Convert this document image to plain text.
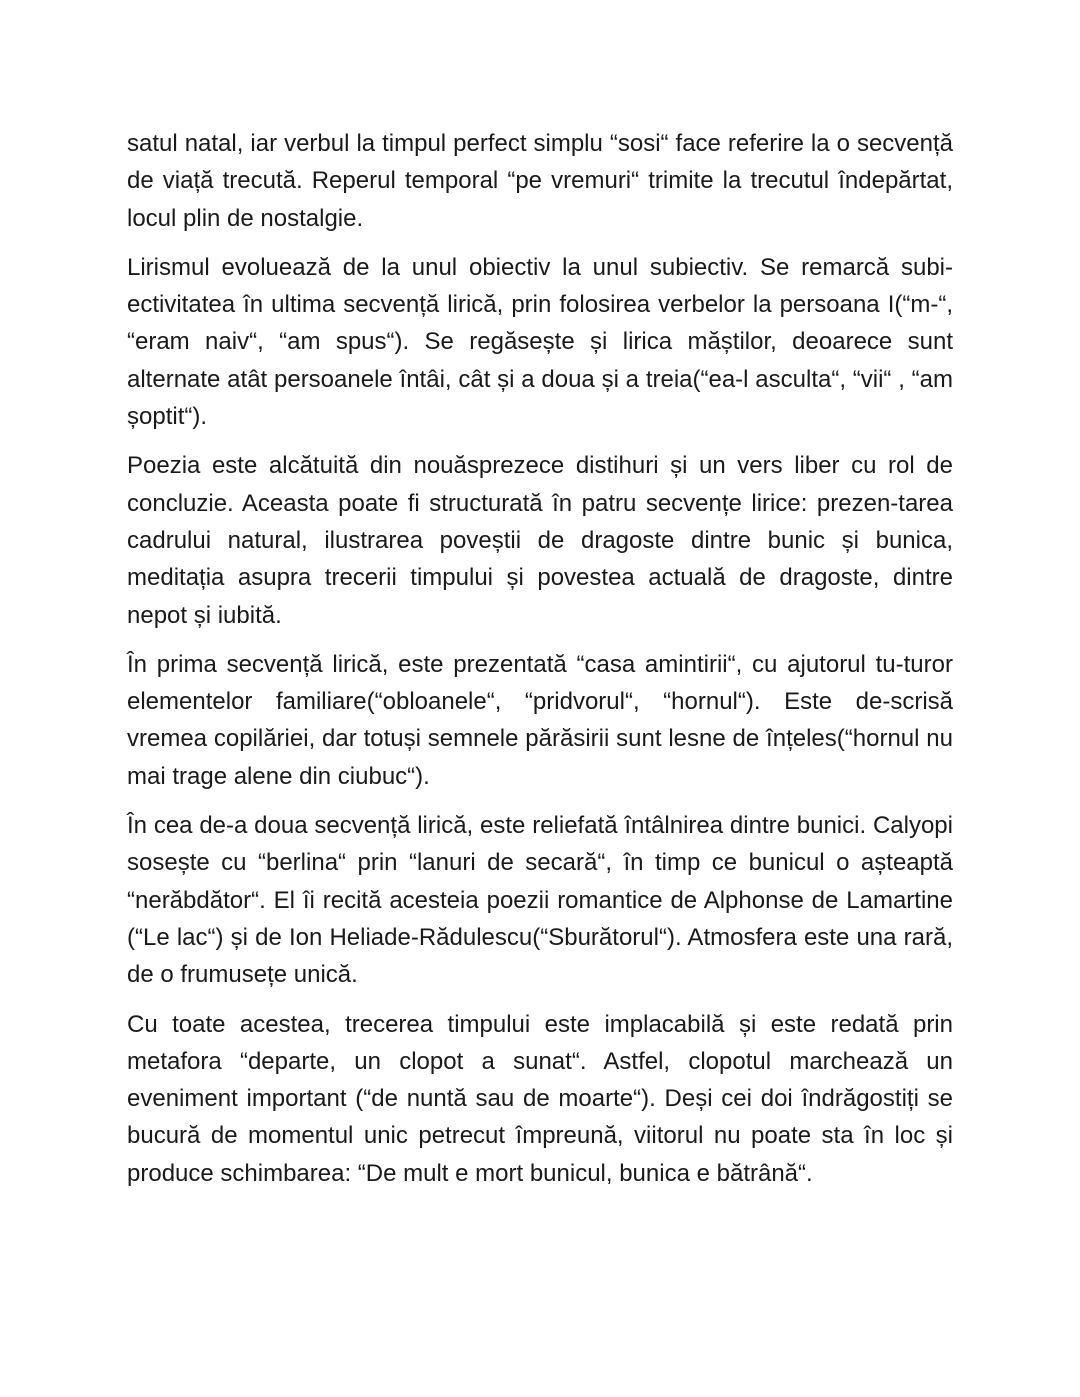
satul natal, iar verbul la timpul perfect simplu “sosi“ face referire la o secvență de viață trecută. Reperul temporal “pe vremuri“ trimite la trecutul îndepărtat, locul plin de nostalgie.

Lirismul evoluează de la unul obiectiv la unul subiectiv. Se remarcă subi-ectivitatea în ultima secvență lirică, prin folosirea verbelor la persoana I(“m-“, “eram naiv“, “am spus“). Se regăsește și lirica măștilor, deoarece sunt alternate atât persoanele întâi, cât și a doua și a treia(“ea-l asculta“, “vii“ , “am șoptit“).

Poezia este alcătuită din nouăsprezece distihuri și un vers liber cu rol de concluzie. Aceasta poate fi structurată în patru secvențe lirice: prezen-tarea cadrului natural, ilustrarea poveștii de dragoste dintre bunic și bunica, meditația asupra trecerii timpului și povestea actuală de dragoste, dintre nepot și iubită.

În prima secvență lirică, este prezentată “casa amintirii“, cu ajutorul tu-turor elementelor familiare(“obloanele“, “pridvorul“, “hornul“). Este de-scrisă vremea copilăriei, dar totuși semnele părăsirii sunt lesne de înțeles(“hornul nu mai trage alene din ciubuc“).

În cea de-a doua secvență lirică, este reliefată întâlnirea dintre bunici. Calyopi sosește cu “berlina“ prin “lanuri de secară“, în timp ce bunicul o așteaptă “nerăbdător“. El îi recită acesteia poezii romantice de Alphonse de Lamartine (“Le lac“) și de Ion Heliade-Rădulescu(“Sburătorul“). Atmosfera este una rară, de o frumusețe unică.

Cu toate acestea, trecerea timpului este implacabilă și este redată prin metafora “departe, un clopot a sunat“. Astfel, clopotul marchează un eveniment important (“de nuntă sau de moarte“). Deși cei doi îndrăgostiți se bucură de momentul unic petrecut împreună, viitorul nu poate sta în loc și produce schimbarea: “De mult e mort bunicul, bunica e bătrână“.
